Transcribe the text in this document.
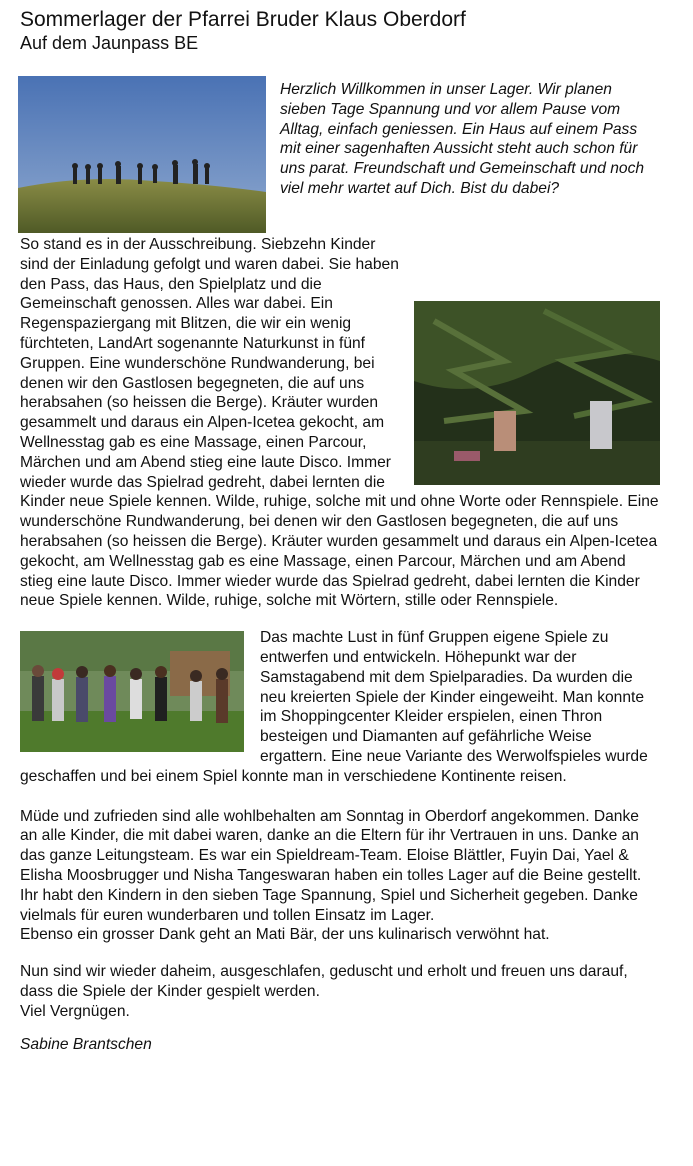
Sommerlager der Pfarrei Bruder Klaus Oberdorf
Auf dem Jaunpass BE

Herzlich Willkommen in unser Lager. Wir planen sieben Tage Spannung und vor allem Pause vom Alltag, einfach geniessen. Ein Haus auf einem Pass mit einer sagenhaften Aussicht steht auch schon für uns parat. Freundschaft und Gemeinschaft und noch viel mehr wartet auf Dich. Bist du dabei?

So stand es in der Ausschreibung. Siebzehn Kinder sind der Einladung gefolgt und waren dabei. Sie haben den Pass, das Haus, den Spielplatz und die Gemeinschaft genossen. Alles war dabei. Ein Regenspaziergang mit Blitzen, die wir ein wenig fürchteten, LandArt sogenannte Naturkunst in fünf Gruppen. Eine wunderschöne Rundwanderung, bei denen wir den Gastlosen begegneten, die auf uns herabsahen (so heissen die Berge). Kräuter wurden gesammelt und daraus ein Alpen-Icetea gekocht, am Wellnesstag gab es eine Massage, einen Parcour, Märchen und am Abend stieg eine laute Disco. Immer wieder wurde das Spielrad gedreht, dabei lernten die Kinder neue Spiele kennen. Wilde, ruhige, solche mit und ohne Worte oder Rennspiele. Eine wunderschöne Rundwanderung, bei denen wir den Gastlosen begegneten, die auf uns herabsahen (so heissen die Berge). Kräuter wurden gesammelt und daraus ein Alpen-Icetea gekocht, am Wellnesstag gab es eine Massage, einen Parcour, Märchen und am Abend stieg eine laute Disco. Immer wieder wurde das Spielrad gedreht, dabei lernten die Kinder neue Spiele kennen. Wilde, ruhige, solche mit Wörtern, stille oder Rennspiele.

Das machte Lust in fünf Gruppen eigene Spiele zu entwerfen und entwickeln. Höhepunkt war der Samstagabend mit dem Spielparadies. Da wurden die neu kreierten Spiele der Kinder eingeweiht. Man konnte im Shoppingcenter Kleider erspielen, einen Thron besteigen und Diamanten auf gefährliche Weise ergattern. Eine neue Variante des Werwolfspieles wurde geschaffen und bei einem Spiel konnte man in verschiedene Kontinente reisen.

Müde und zufrieden sind alle wohlbehalten am Sonntag in Oberdorf angekommen. Danke an alle Kinder, die mit dabei waren, danke an die Eltern für ihr Vertrauen in uns. Danke an das ganze Leitungsteam. Es war ein Spieldream-Team. Eloise Blättler, Fuyin Dai, Yael & Elisha Moosbrugger und Nisha Tangeswaran haben ein tolles Lager auf die Beine gestellt. Ihr habt den Kindern in den sieben Tage Spannung, Spiel und Sicherheit gegeben. Danke vielmals für euren wunderbaren und tollen Einsatz im Lager.

Ebenso ein grosser Dank geht an Mati Bär, der uns kulinarisch verwöhnt hat.

Nun sind wir wieder daheim, ausgeschlafen, geduscht und erholt und freuen uns darauf, dass die Spiele der Kinder gespielt werden.

Viel Vergnügen.

Sabine Brantschen
